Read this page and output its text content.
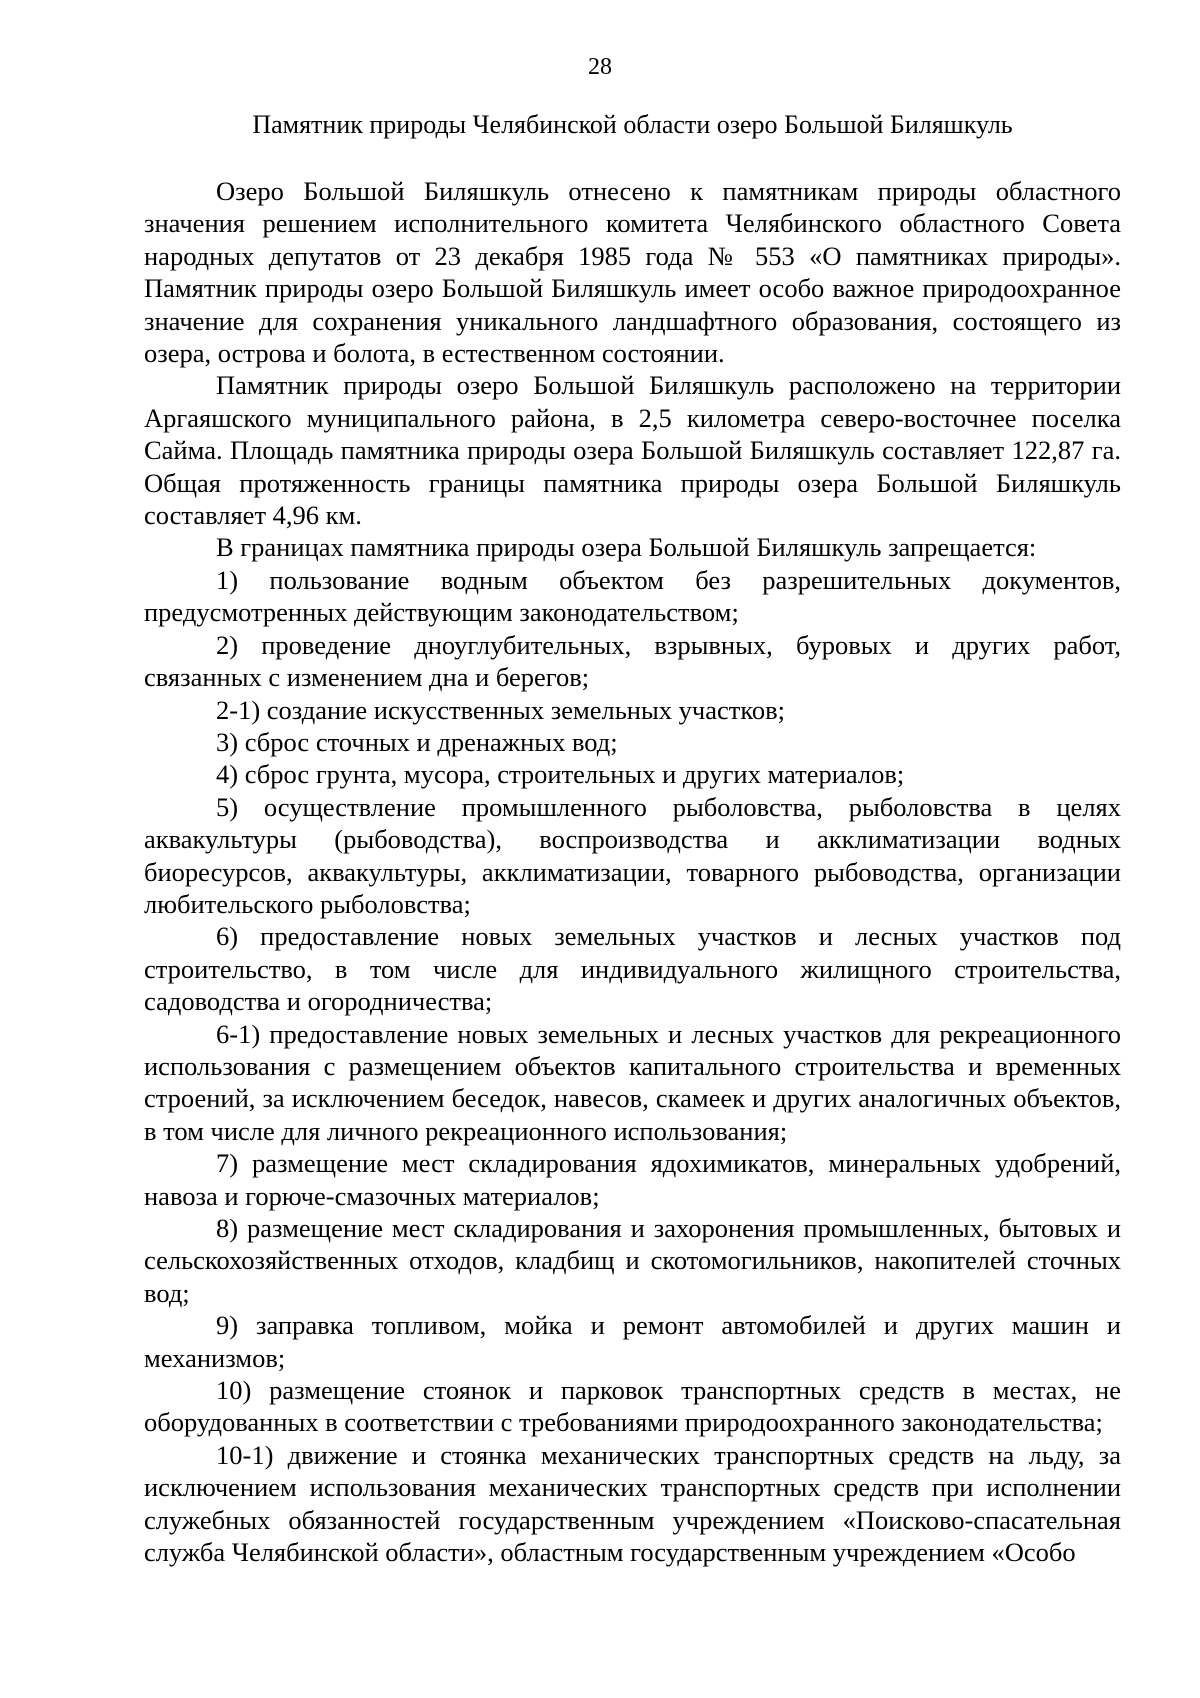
28
Памятник природы Челябинской области озеро Большой Биляшкуль

Озеро Большой Биляшкуль отнесено к памятникам природы областного значения решением исполнительного комитета Челябинского областного Совета народных депутатов от 23 декабря 1985 года № 553 «О памятниках природы». Памятник природы озеро Большой Биляшкуль имеет особо важное природоохранное значение для сохранения уникального ландшафтного образования, состоящего из озера, острова и болота, в естественном состоянии.

Памятник природы озеро Большой Биляшкуль расположено на территории Аргаяшского муниципального района, в 2,5 километра северо-восточнее поселка Сайма. Площадь памятника природы озера Большой Биляшкуль составляет 122,87 га. Общая протяженность границы памятника природы озера Большой Биляшкуль составляет 4,96 км.

В границах памятника природы озера Большой Биляшкуль запрещается:

1) пользование водным объектом без разрешительных документов, предусмотренных действующим законодательством;

2) проведение дноуглубительных, взрывных, буровых и других работ, связанных с изменением дна и берегов;

2-1) создание искусственных земельных участков;

3) сброс сточных и дренажных вод;

4) сброс грунта, мусора, строительных и других материалов;

5) осуществление промышленного рыболовства, рыболовства в целях аквакультуры (рыбоводства), воспроизводства и акклиматизации водных биоресурсов, аквакультуры, акклиматизации, товарного рыбоводства, организации любительского рыболовства;

6) предоставление новых земельных участков и лесных участков под строительство, в том числе для индивидуального жилищного строительства, садоводства и огородничества;

6-1) предоставление новых земельных и лесных участков для рекреационного использования с размещением объектов капитального строительства и временных строений, за исключением беседок, навесов, скамеек и других аналогичных объектов, в том числе для личного рекреационного использования;

7) размещение мест складирования ядохимикатов, минеральных удобрений, навоза и горюче-смазочных материалов;

8) размещение мест складирования и захоронения промышленных, бытовых и сельскохозяйственных отходов, кладбищ и скотомогильников, накопителей сточных вод;

9) заправка топливом, мойка и ремонт автомобилей и других машин и механизмов;

10) размещение стоянок и парковок транспортных средств в местах, не оборудованных в соответствии с требованиями природоохранного законодательства;

10-1) движение и стоянка механических транспортных средств на льду, за исключением использования механических транспортных средств при исполнении служебных обязанностей государственным учреждением «Поисково-спасательная служба Челябинской области», областным государственным учреждением «Особо
